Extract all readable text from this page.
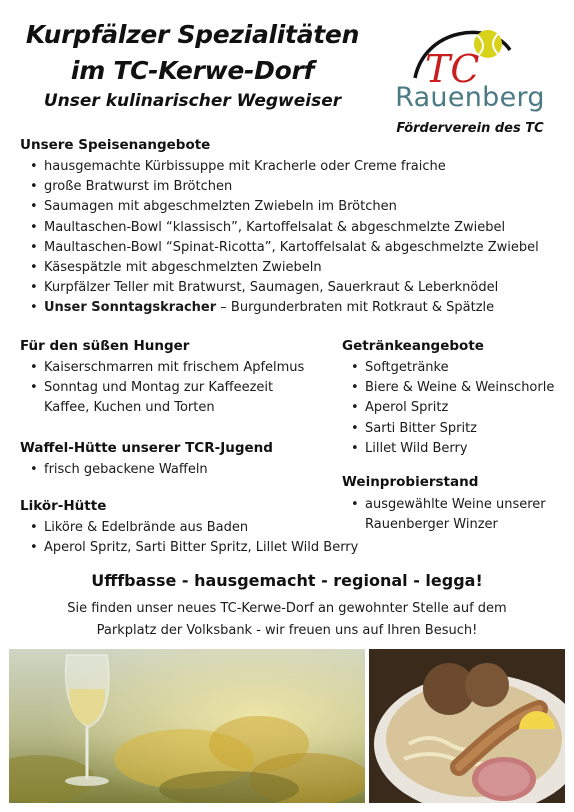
Kurpfälzer Spezialitäten
im TC-Kerwe-Dorf
Unser kulinarischer Wegweiser
TC
Rauenberg
Förderverein des TC
Unsere Speisenangebote
• hausgemachte Kürbissuppe mit Kracherle oder Creme fraiche
• große Bratwurst im Brötchen
• Saumagen mit abgeschmelzten Zwiebeln im Brötchen
• Maultaschen-Bowl “klassisch”, Kartoffelsalat & abgeschmelzte Zwiebel
• Maultaschen-Bowl “Spinat-Ricotta”, Kartoffelsalat & abgeschmelzte Zwiebel
• Käsespätzle mit abgeschmelzten Zwiebeln
• Kurpfälzer Teller mit Bratwurst, Saumagen, Sauerkraut & Leberknödel
• Unser Sonntagskracher – Burgunderbraten mit Rotkraut & Spätzle
Für den süßen Hunger
• Kaiserschmarren mit frischem Apfelmus
• Sonntag und Montag zur Kaffeezeit
Kaffee, Kuchen und Torten
Waffel-Hütte unserer TCR-Jugend
• frisch gebackene Waffeln
Likör-Hütte
• Liköre & Edelbrände aus Baden
• Aperol Spritz, Sarti Bitter Spritz, Lillet Wild Berry
Getränkeangebote
• Softgetränke
• Biere & Weine & Weinschorle
• Aperol Spritz
• Sarti Bitter Spritz
• Lillet Wild Berry
Weinprobierstand
• ausgewählte Weine unserer
Rauenberger Winzer
Ufffbasse - hausgemacht - regional - legga!
Sie finden unser neues TC-Kerwe-Dorf an gewohnter Stelle auf dem
Parkplatz der Volksbank - wir freuen uns auf Ihren Besuch!
